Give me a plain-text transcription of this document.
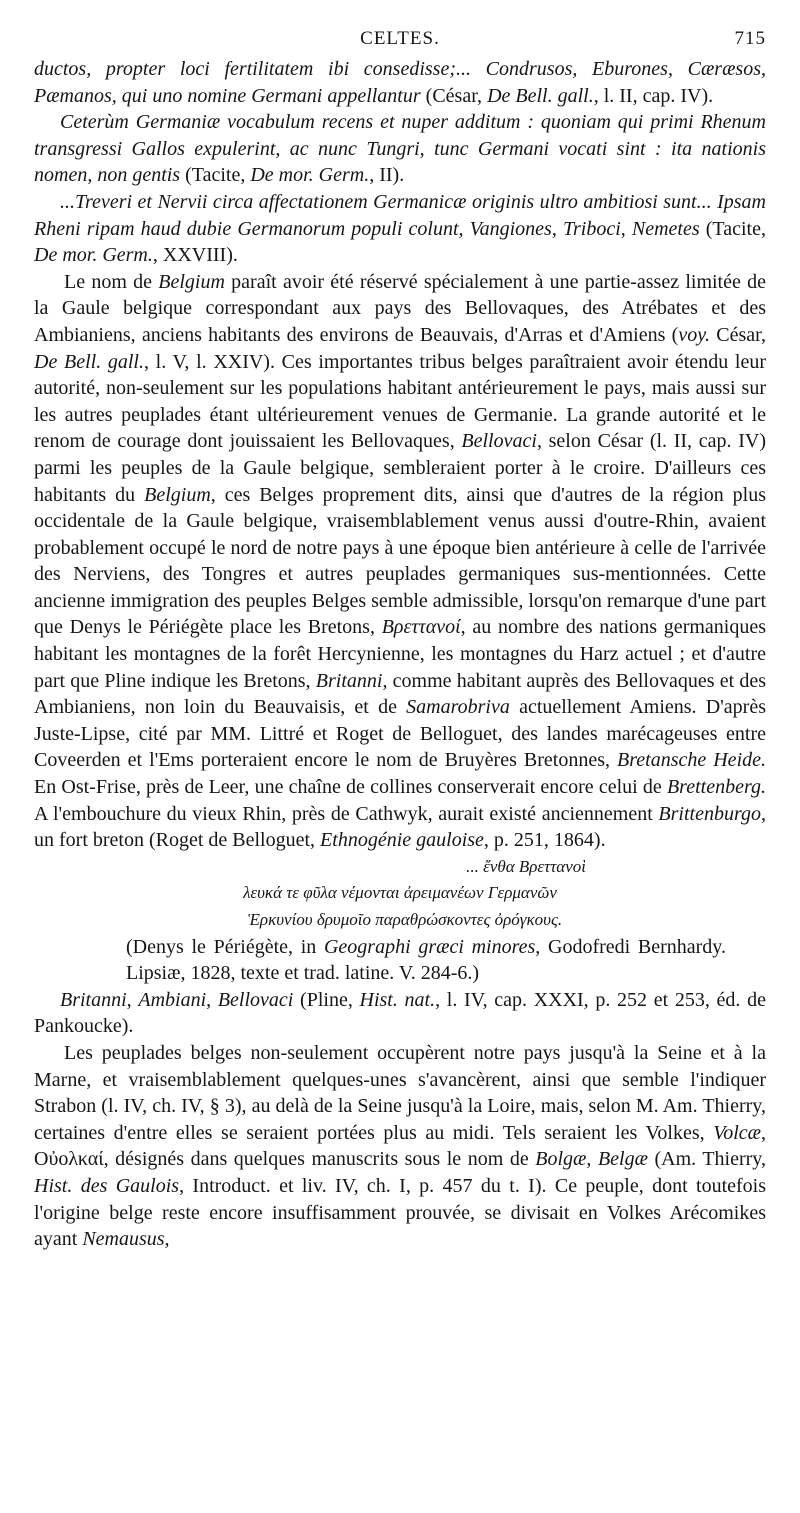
CELTES.	715

ductos, propter loci fertilitatem ibi consedisse;... Condrusos, Eburones, Cæræsos, Pæmanos, qui uno nomine Germani appellantur (César, De Bell. gall., l. II, cap. IV).

Ceterùm Germaniæ vocabulum recens et nuper additum : quoniam qui primi Rhenum transgressi Gallos expulerint, ac nunc Tungri, tunc Germani vocati sint : ita nationis nomen, non gentis (Tacite, De mor. Germ., II).

...Treveri et Nervii circa affectationem Germanicæ originis ultro ambitiosi sunt... Ipsam Rheni ripam haud dubie Germanorum populi colunt, Vangiones, Triboci, Nemetes (Tacite, De mor. Germ., XXVIII).

Le nom de Belgium paraît avoir été réservé spécialement à une partie-assez limitée de la Gaule belgique correspondant aux pays des Bellovaques, des Atrébates et des Ambianiens, anciens habitants des environs de Beauvais, d'Arras et d'Amiens (voy. César, De Bell. gall., l. V, l. XXIV). Ces importantes tribus belges paraîtraient avoir étendu leur autorité, non-seulement sur les populations habitant antérieurement le pays, mais aussi sur les autres peuplades étant ultérieurement venues de Germanie. La grande autorité et le renom de courage dont jouissaient les Bellovaques, Bellovaci, selon César (l. II, cap. IV) parmi les peuples de la Gaule belgique, sembleraient porter à le croire. D'ailleurs ces habitants du Belgium, ces Belges proprement dits, ainsi que d'autres de la région plus occidentale de la Gaule belgique, vraisemblablement venus aussi d'outre-Rhin, avaient probablement occupé le nord de notre pays à une époque bien antérieure à celle de l'arrivée des Nerviens, des Tongres et autres peuplades germaniques sus-mentionnées. Cette ancienne immigration des peuples Belges semble admissible, lorsqu'on remarque d'une part que Denys le Périégète place les Bretons, Βρεττανοί, au nombre des nations germaniques habitant les montagnes de la forêt Hercynienne, les montagnes du Harz actuel ; et d'autre part que Pline indique les Bretons, Britanni, comme habitant auprès des Bellovaques et des Ambianiens, non loin du Beauvaisis, et de Samarobriva actuellement Amiens. D'après Juste-Lipse, cité par MM. Littré et Roget de Belloguet, des landes marécageuses entre Coveerden et l'Ems porteraient encore le nom de Bruyères Bretonnes, Bretansche Heide. En Ost-Frise, près de Leer, une chaîne de collines conserverait encore celui de Brettenberg. A l'embouchure du vieux Rhin, près de Cathwyk, aurait existé anciennement Brittenburgo, un fort breton (Roget de Belloguet, Ethnogénie gauloise, p. 251, 1864).

... ἔνθα Βρεττανοὶ

λευκά τε φῦλα νέμονται ἀρειμανέων Γερμανῶν

Ἑρκυνίου δρυμοῖο παραθρώσκοντες ὀρόγκους.

(Denys le Périégète, in Geographi græci minores, Godofredi Bernhardy. Lipsiæ, 1828, texte et trad. latine. V. 284-6.)

Britanni, Ambiani, Bellovaci (Pline, Hist. nat., l. IV, cap. XXXI, p. 252 et 253, éd. de Pankoucke).

Les peuplades belges non-seulement occupèrent notre pays jusqu'à la Seine et à la Marne, et vraisemblablement quelques-unes s'avancèrent, ainsi que semble l'indiquer Strabon (l. IV, ch. IV, § 3), au delà de la Seine jusqu'à la Loire, mais, selon M. Am. Thierry, certaines d'entre elles se seraient portées plus au midi. Tels seraient les Volkes, Volcæ, Οὐολκαί, désignés dans quelques manuscrits sous le nom de Bolgæ, Belgæ (Am. Thierry, Hist. des Gaulois, Introduct. et liv. IV, ch. I, p. 457 du t. I). Ce peuple, dont toutefois l'origine belge reste encore insuffisamment prouvée, se divisait en Volkes Arécomikes ayant Nemausus,
